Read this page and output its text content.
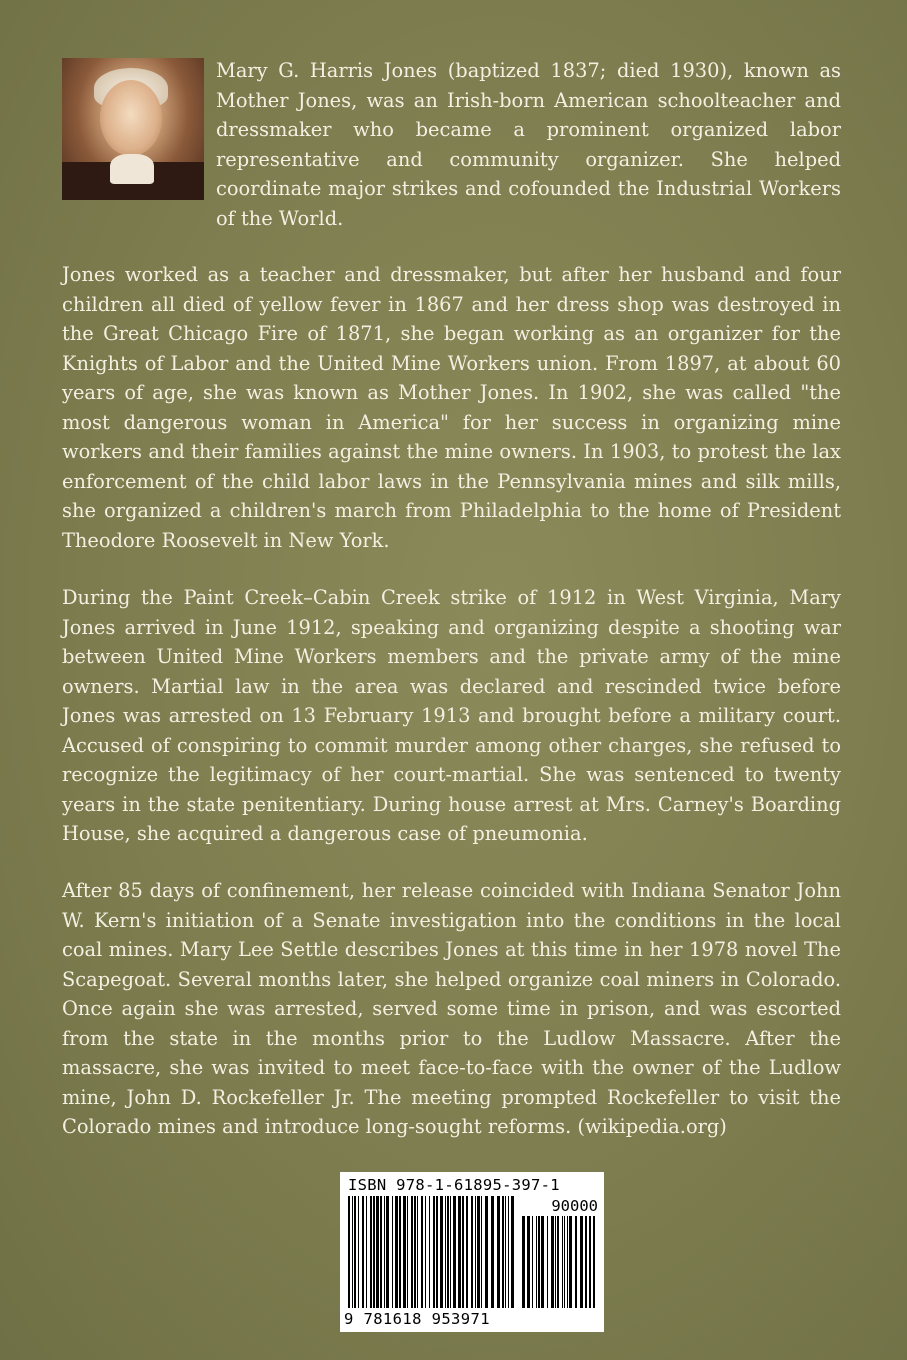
Mary G. Harris Jones (baptized 1837; died 1930), known as Mother Jones, was an Irish-born American schoolteacher and dressmaker who became a prominent organized labor representative and community organizer. She helped coordinate major strikes and cofounded the Industrial Workers of the World.

Jones worked as a teacher and dressmaker, but after her husband and four children all died of yellow fever in 1867 and her dress shop was destroyed in the Great Chicago Fire of 1871, she began working as an organizer for the Knights of Labor and the United Mine Workers union. From 1897, at about 60 years of age, she was known as Mother Jones. In 1902, she was called "the most dangerous woman in America" for her success in organizing mine workers and their families against the mine owners. In 1903, to protest the lax enforcement of the child labor laws in the Pennsylvania mines and silk mills, she organized a children's march from Philadelphia to the home of President Theodore Roosevelt in New York.

During the Paint Creek–Cabin Creek strike of 1912 in West Virginia, Mary Jones arrived in June 1912, speaking and organizing despite a shooting war between United Mine Workers members and the private army of the mine owners. Martial law in the area was declared and rescinded twice before Jones was arrested on 13 February 1913 and brought before a military court. Accused of conspiring to commit murder among other charges, she refused to recognize the legitimacy of her court-martial. She was sentenced to twenty years in the state penitentiary. During house arrest at Mrs. Carney's Boarding House, she acquired a dangerous case of pneumonia.

After 85 days of confinement, her release coincided with Indiana Senator John W. Kern's initiation of a Senate investigation into the conditions in the local coal mines. Mary Lee Settle describes Jones at this time in her 1978 novel The Scapegoat. Several months later, she helped organize coal miners in Colorado. Once again she was arrested, served some time in prison, and was escorted from the state in the months prior to the Ludlow Massacre. After the massacre, she was invited to meet face-to-face with the owner of the Ludlow mine, John D. Rockefeller Jr. The meeting prompted Rockefeller to visit the Colorado mines and introduce long-sought reforms. (wikipedia.org)

ISBN 978-1-61895-397-1
90000
9 781618 953971
